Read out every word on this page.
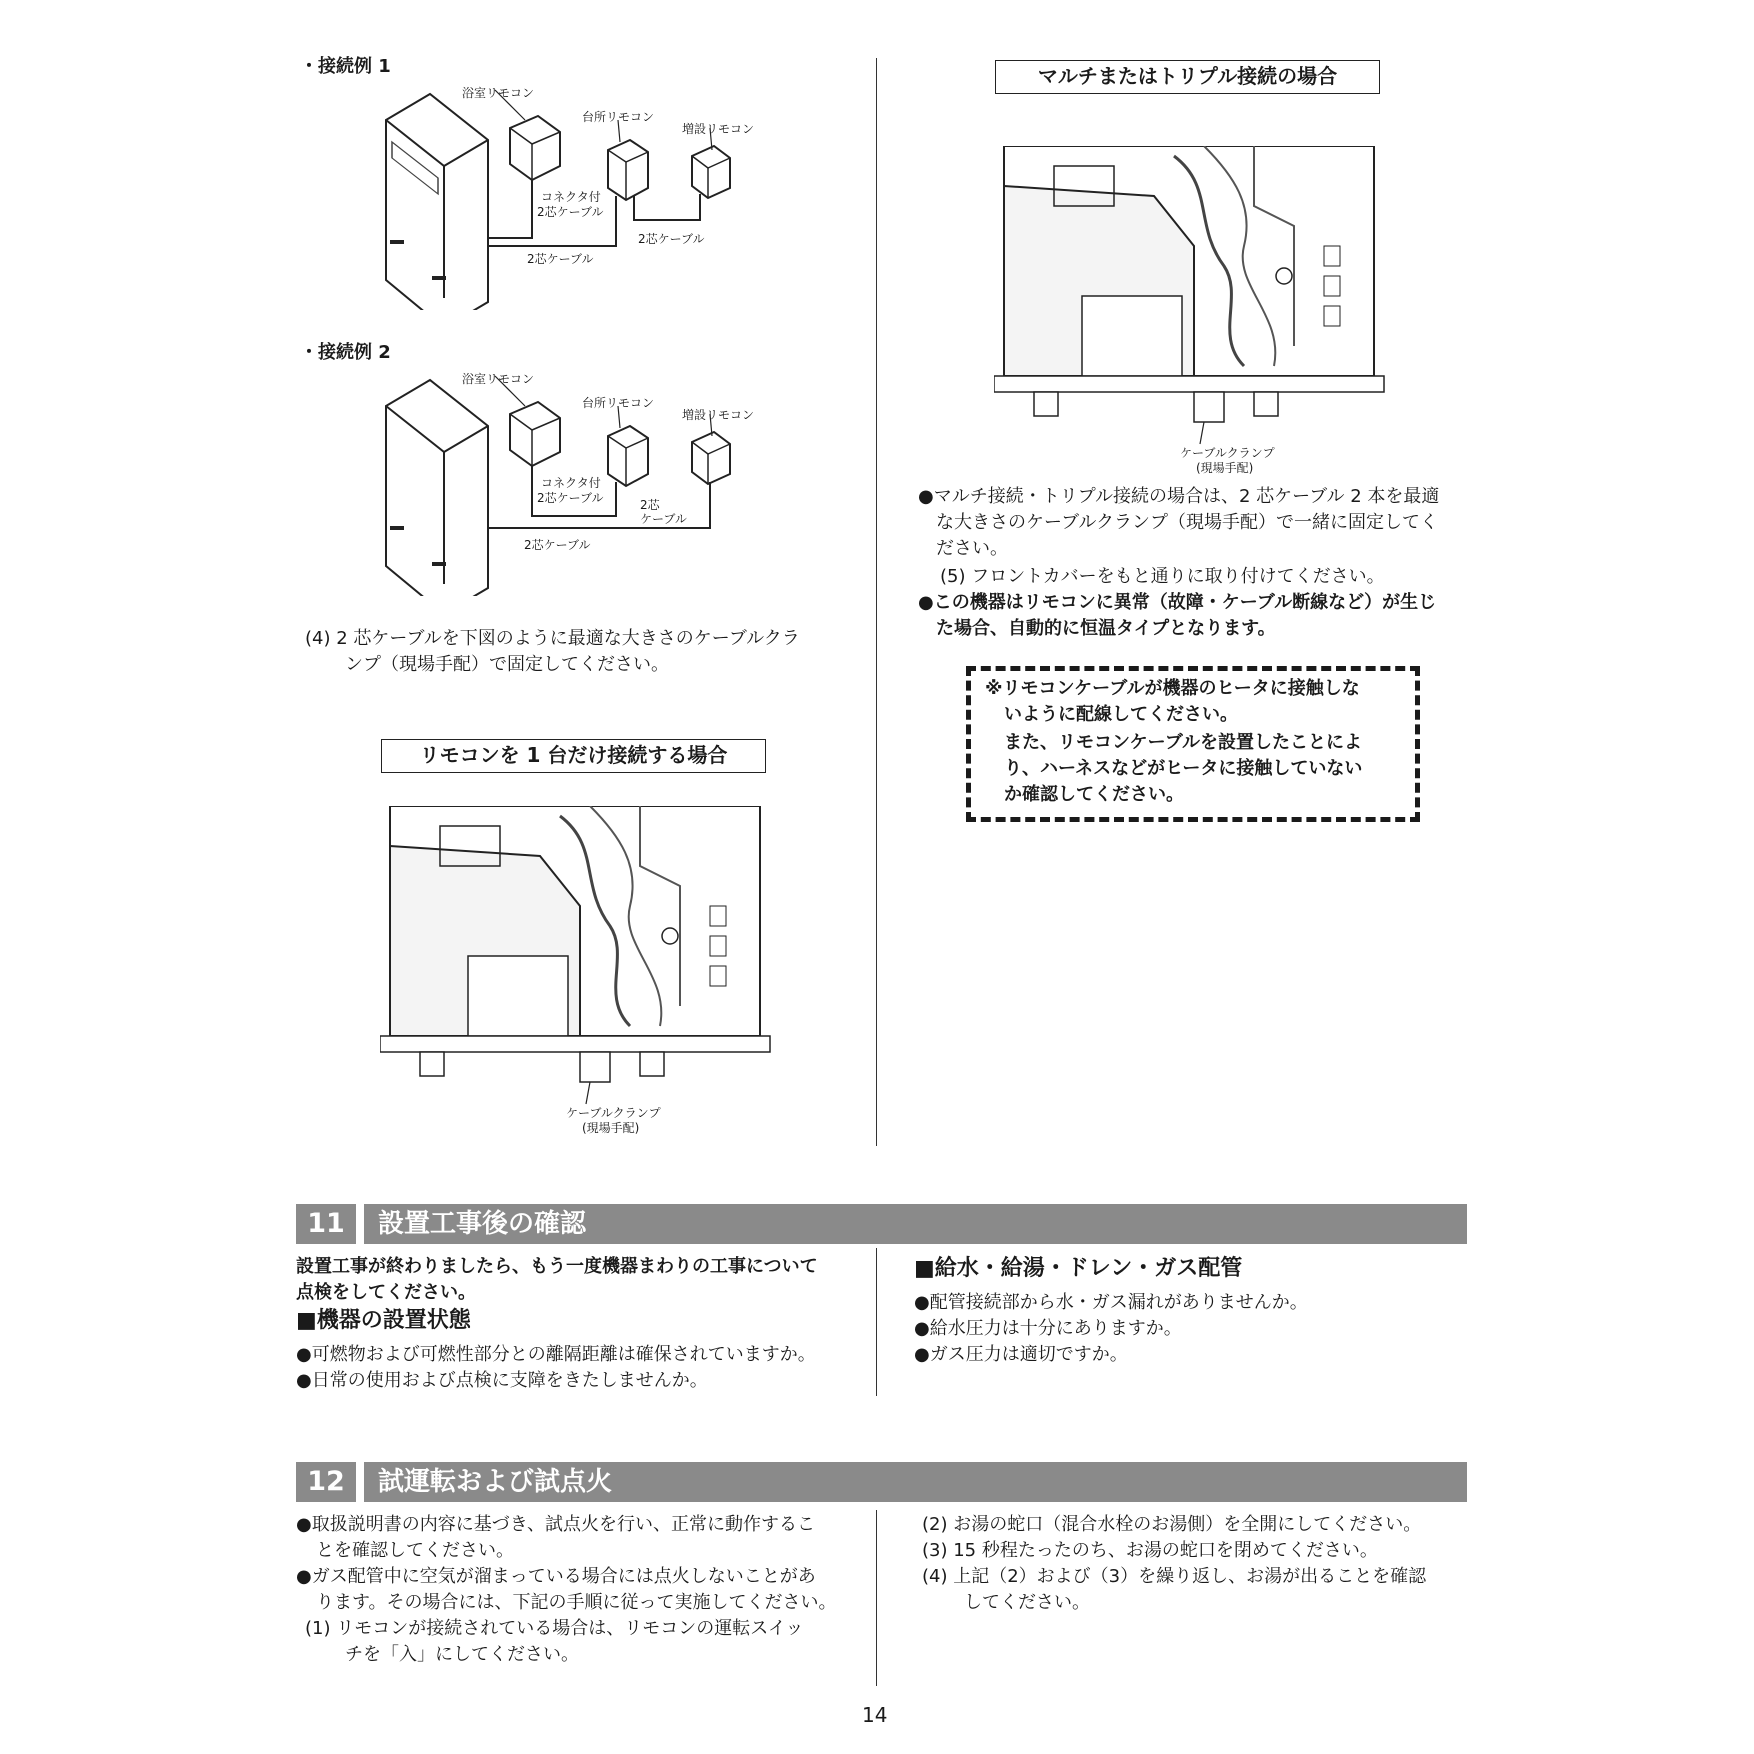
・接続例 1
浴室リモコン
台所リモコン
増設リモコン
コネクタ付
2芯ケーブル
2芯ケーブル
2芯ケーブル
・接続例 2
浴室リモコン
台所リモコン
増設リモコン
コネクタ付
2芯ケーブル	2芯
ケーブル
2芯ケーブル
(4) 2 芯ケーブルを下図のように最適な大きさのケーブルクラ
ンプ（現場手配）で固定してください。
リモコンを 1 台だけ接続する場合
ケーブルクランプ
(現場手配)
マルチまたはトリプル接続の場合
ケーブルクランプ
(現場手配)
●マルチ接続・トリプル接続の場合は、2 芯ケーブル 2 本を最適
な大きさのケーブルクランプ（現場手配）で一緒に固定してく
ださい。
(5) フロントカバーをもと通りに取り付けてください。
●この機器はリモコンに異常（故障・ケーブル断線など）が生じ
た場合、自動的に恒温タイプとなります。
※リモコンケーブルが機器のヒータに接触しな
いように配線してください。
また、リモコンケーブルを設置したことによ
り、ハーネスなどがヒータに接触していない
か確認してください。
11 設置工事後の確認
設置工事が終わりましたら、もう一度機器まわりの工事について
点検をしてください。
■機器の設置状態
●可燃物および可燃性部分との離隔距離は確保されていますか。
●日常の使用および点検に支障をきたしませんか。
■給水・給湯・ドレン・ガス配管
●配管接続部から水・ガス漏れがありませんか。
●給水圧力は十分にありますか。
●ガス圧力は適切ですか。
12 試運転および試点火
●取扱説明書の内容に基づき、試点火を行い、正常に動作するこ
とを確認してください。
●ガス配管中に空気が溜まっている場合には点火しないことがあ
ります。その場合には、下記の手順に従って実施してください。
(1) リモコンが接続されている場合は、リモコンの運転スイッ
チを「入」にしてください。
(2) お湯の蛇口（混合水栓のお湯側）を全開にしてください。
(3) 15 秒程たったのち、お湯の蛇口を閉めてください。
(4) 上記（2）および（3）を繰り返し、お湯が出ることを確認
してください。
14
